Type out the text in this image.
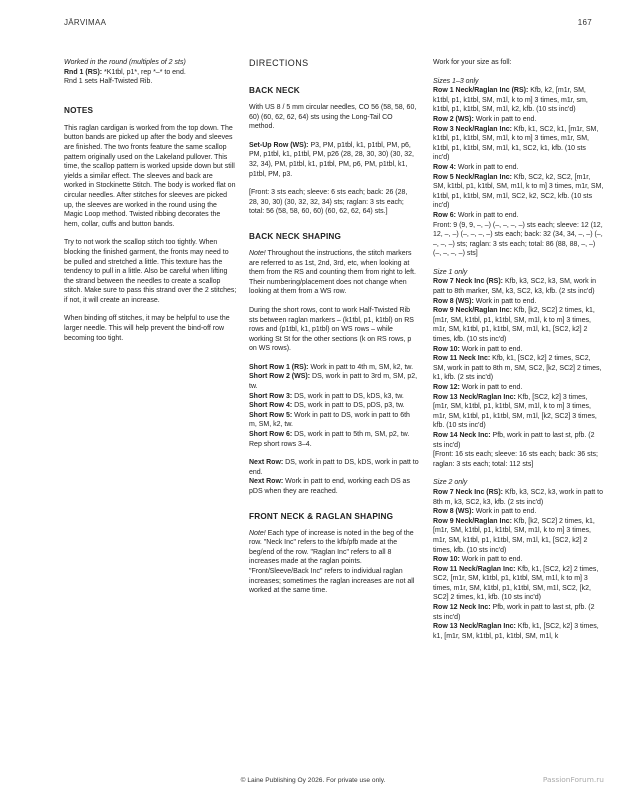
JÄRVIMAA	167

Worked in the round (multiples of 2 sts)

Rnd 1 (RS): *K1tbl, p1*, rep *–* to end.

Rnd 1 sets Half-Twisted Rib.

NOTES

This raglan cardigan is worked from the top down. The button bands are picked up after the body and sleeves are finished. The two fronts feature the same scallop pattern originally used on the Lakeland pullover. This time, the scallop pattern is worked upside down but still yields a similar effect. The sleeves and back are worked in Stockinette Stitch. The body is worked flat on circular needles. After stitches for sleeves are picked up, the sleeves are worked in the round using the Magic Loop method. Twisted ribbing decorates the hem, collar, cuffs and button bands.

Try to not work the scallop stitch too tightly. When blocking the finished garment, the fronts may need to be pulled and stretched a little. This texture has the tendency to pull in a little. Also be careful when lifting the strand between the needles to create a scallop stitch. Make sure to pass this strand over the 2 stitches; if not, it will create an increase.

When binding off stitches, it may be helpful to use the larger needle. This will help prevent the bind-off row becoming too tight.

DIRECTIONS

BACK NECK

With US 8 / 5 mm circular needles, CO 56 (58, 58, 60, 60) (60, 62, 62, 64) sts using the Long-Tail CO method.

Set-Up Row (WS): P3, PM, p1tbl, k1, p1tbl, PM, p6, PM, p1tbl, k1, p1tbl, PM, p26 (28, 28, 30, 30) (30, 32, 32, 34), PM, p1tbl, k1, p1tbl, PM, p6, PM, p1tbl, k1, p1tbl, PM, p3.

[Front: 3 sts each; sleeve: 6 sts each; back: 26 (28, 28, 30, 30) (30, 32, 32, 34) sts; raglan: 3 sts each; total: 56 (58, 58, 60, 60) (60, 62, 62, 64) sts.]

BACK NECK SHAPING

Note! Throughout the instructions, the stitch markers are referred to as 1st, 2nd, 3rd, etc, when looking at them from the RS and counting them from right to left. Their numbering/placement does not change when looking at them from a WS row.

During the short rows, cont to work Half-Twisted Rib sts between raglan markers – (k1tbl, p1, k1tbl) on RS rows and (p1tbl, k1, p1tbl) on WS rows – while working St St for the other sections (k on RS rows, p on WS rows).

Short Row 1 (RS): Work in patt to 4th m, SM, k2, tw.

Short Row 2 (WS): DS, work in patt to 3rd m, SM, p2, tw.

Short Row 3: DS, work in patt to DS, kDS, k3, tw.

Short Row 4: DS, work in patt to DS, pDS, p3, tw.

Short Row 5: Work in patt to DS, work in patt to 6th m, SM, k2, tw.

Short Row 6: DS, work in patt to 5th m, SM, p2, tw.

Rep short rows 3–4.

Next Row: DS, work in patt to DS, kDS, work in patt to end.

Next Row: Work in patt to end, working each DS as pDS when they are reached.

FRONT NECK & RAGLAN SHAPING

Note! Each type of increase is noted in the beg of the row. "Neck Inc" refers to the kfb/pfb made at the beg/end of the row. "Raglan Inc" refers to all 8 increases made at the raglan points. "Front/Sleeve/Back Inc" refers to individual raglan increases; sometimes the raglan increases are not all worked at the same time.

Work for your size as foll:

Sizes 1–3 only

Row 1 Neck/Raglan Inc (RS): Kfb, k2, [m1r, SM, k1tbl, p1, k1tbl, SM, m1l, k to m] 3 times, m1r, sm, k1tbl, p1, k1tbl, SM, m1l, k2, kfb. (10 sts inc'd)

Row 2 (WS): Work in patt to end.

Row 3 Neck/Raglan Inc: Kfb, k1, SC2, k1, [m1r, SM, k1tbl, p1, k1tbl, SM, m1l, k to m] 3 times, m1r, SM, k1tbl, p1, k1tbl, SM, m1l, k1, SC2, k1, kfb. (10 sts inc'd)

Row 4: Work in patt to end.

Row 5 Neck/Raglan Inc: Kfb, SC2, k2, SC2, [m1r, SM, k1tbl, p1, k1tbl, SM, m1l, k to m] 3 times, m1r, SM, k1tbl, p1, k1tbl, SM, m1l, SC2, k2, SC2, kfb. (10 sts inc'd)

Row 6: Work in patt to end.

Front: 9 (9, 9, –, –) (–, –, –, –) sts each; sleeve: 12 (12, 12, –, –) (–, –, –, –) sts each; back: 32 (34, 34, –, –) (–, –, –, –) sts; raglan: 3 sts each; total: 86 (88, 88, –, –) (–, –, –, –) sts]

Size 1 only

Row 7 Neck Inc (RS): Kfb, k3, SC2, k3, SM, work in patt to 8th marker, SM, k3, SC2, k3, kfb. (2 sts inc'd)

Row 8 (WS): Work in patt to end.

Row 9 Neck/Raglan Inc: Kfb, [k2, SC2] 2 times, k1, [m1r, SM, k1tbl, p1, k1tbl, SM, m1l, k to m] 3 times, m1r, SM, k1tbl, p1, k1tbl, SM, m1l, k1, [SC2, k2] 2 times, kfb. (10 sts inc'd)

Row 10: Work in patt to end.

Row 11 Neck Inc: Kfb, k1, [SC2, k2] 2 times, SC2, SM, work in patt to 8th m, SM, SC2, [k2, SC2] 2 times, k1, kfb. (2 sts inc'd)

Row 12: Work in patt to end.

Row 13 Neck/Raglan Inc: Kfb, [SC2, k2] 3 times, [m1r, SM, k1tbl, p1, k1tbl, SM, m1l, k to m] 3 times, m1r, SM, k1tbl, p1, k1tbl, SM, m1l, [k2, SC2] 3 times, kfb. (10 sts inc'd)

Row 14 Neck Inc: Pfb, work in patt to last st, pfb. (2 sts inc'd)

[Front: 16 sts each; sleeve: 16 sts each; back: 36 sts; raglan: 3 sts each; total: 112 sts]

Size 2 only

Row 7 Neck Inc (RS): Kfb, k3, SC2, k3, work in patt to 8th m, k3, SC2, k3, kfb. (2 sts inc'd)

Row 8 (WS): Work in patt to end.

Row 9 Neck/Raglan Inc: Kfb, [k2, SC2] 2 times, k1, [m1r, SM, k1tbl, p1, k1tbl, SM, m1l, k to m] 3 times, m1r, SM, k1tbl, p1, k1tbl, SM, m1l, k1, [SC2, k2] 2 times, kfb. (10 sts inc'd)

Row 10: Work in patt to end.

Row 11 Neck/Raglan Inc: Kfb, k1, [SC2, k2] 2 times, SC2, [m1r, SM, k1tbl, p1, k1tbl, SM, m1l, k to m] 3 times, m1r, SM, k1tbl, p1, k1tbl, SM, m1l, SC2, [k2, SC2] 2 times, k1, kfb. (10 sts inc'd)

Row 12 Neck Inc: Pfb, work in patt to last st, pfb. (2 sts inc'd)

Row 13 Neck/Raglan Inc: Kfb, k1, [SC2, k2] 3 times, k1, [m1r, SM, k1tbl, p1, k1tbl, SM, m1l, k

© Laine Publishing Oy 2026. For private use only.	PassionForum.ru
